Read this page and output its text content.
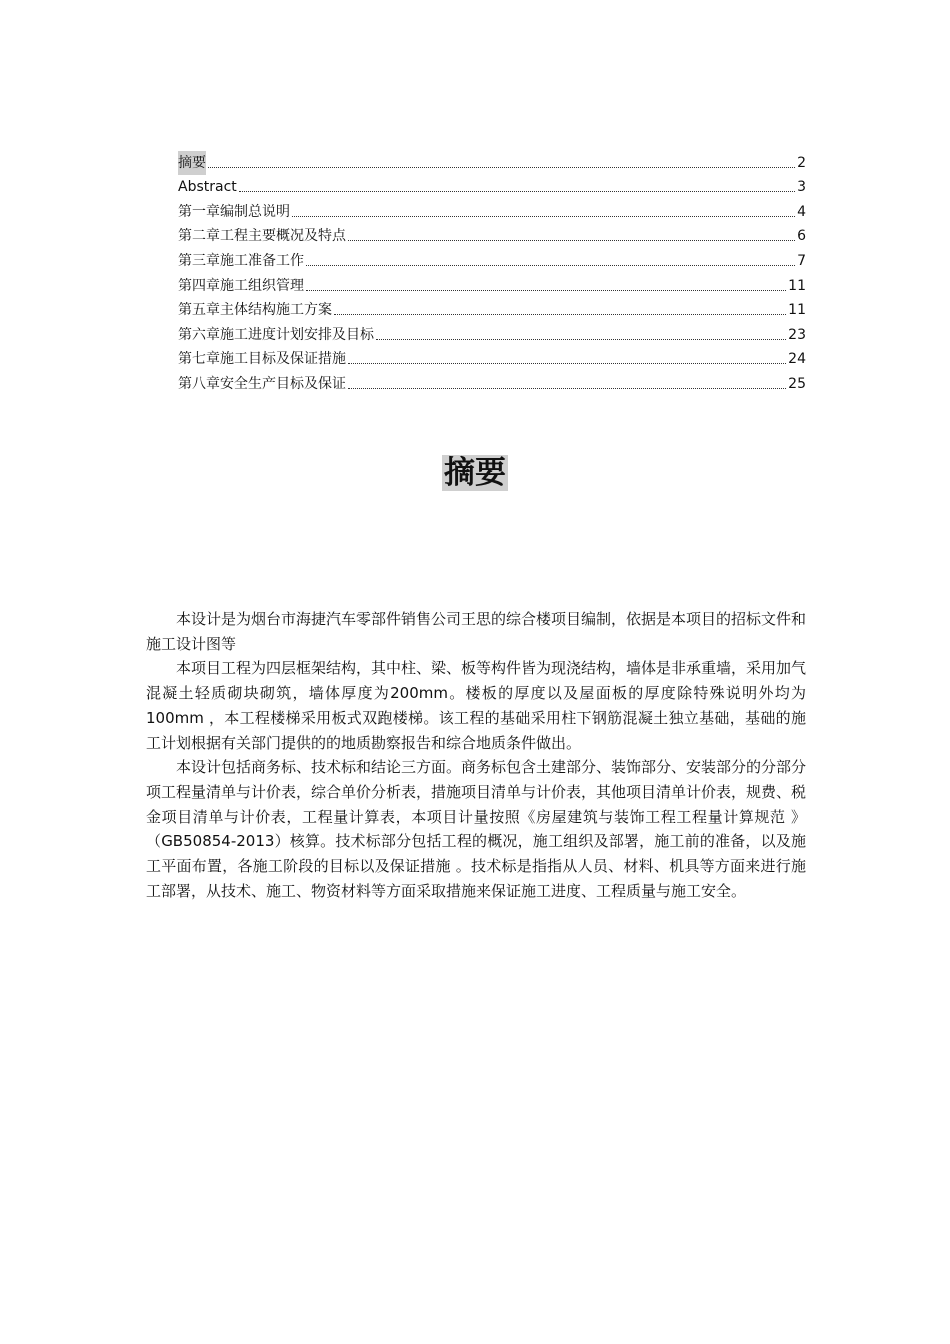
摘要	2
Abstract	3
第一章编制总说明	4
第二章工程主要概况及特点	6
第三章施工准备工作	7
第四章施工组织管理	11
第五章主体结构施工方案	11
第六章施工进度计划安排及目标	23
第七章施工目标及保证措施	24
第八章安全生产目标及保证	25
摘要

本设计是为烟台市海捷汽车零部件销售公司王思的综合楼项目编制，依据是本项目的招标文件和施工设计图等

本项目工程为四层框架结构，其中柱、梁、板等构件皆为现浇结构，墙体是非承重墙，采用加气混凝土轻质砌块砌筑，墙体厚度为200mm。楼板的厚度以及屋面板的厚度除特殊说明外均为100mm ，本工程楼梯采用板式双跑楼梯。该工程的基础采用柱下钢筋混凝土独立基础，基础的施工计划根据有关部门提供的的地质勘察报告和综合地质条件做出。

本设计包括商务标、技术标和结论三方面。商务标包含土建部分、装饰部分、安装部分的分部分项工程量清单与计价表，综合单价分析表，措施项目清单与计价表，其他项目清单计价表，规费、税金项目清单与计价表，工程量计算表，本项目计量按照《房屋建筑与装饰工程工程量计算规范 》（GB50854-2013）核算。技术标部分包括工程的概况，施工组织及部署，施工前的准备，以及施工平面布置，各施工阶段的目标以及保证措施 。技术标是指指从人员、材料、机具等方面来进行施工部署，从技术、施工、物资材料等方面采取措施来保证施工进度、工程质量与施工安全。
